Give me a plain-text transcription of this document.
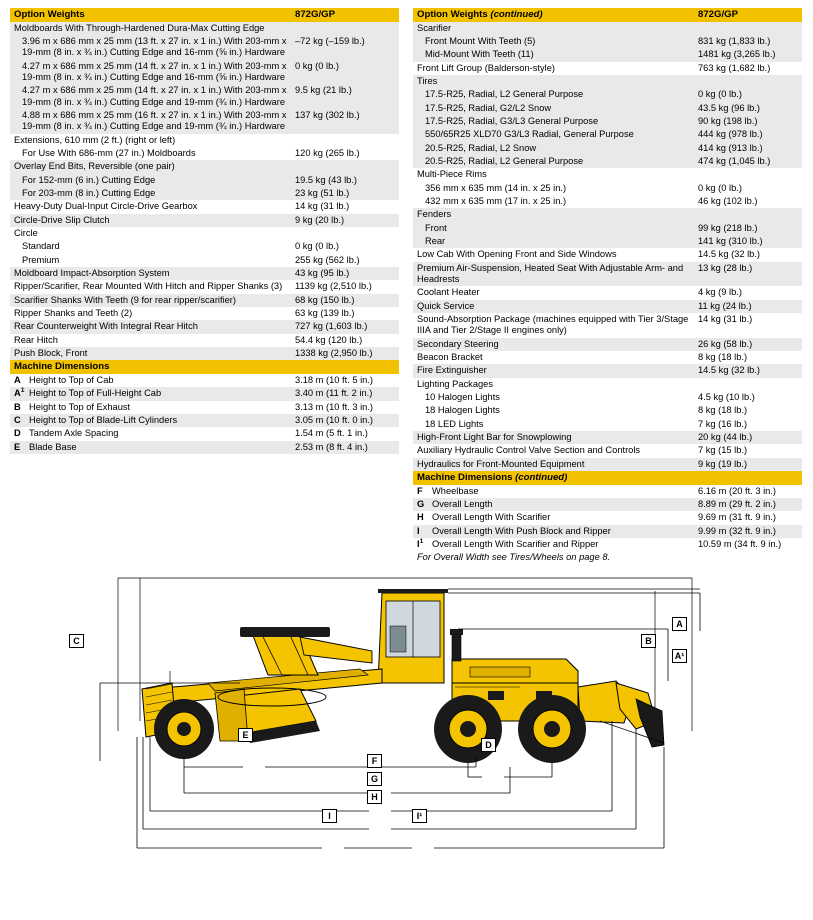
Option Weights	872G/GP
Moldboards With Through-Hardened Dura-Max Cutting Edge	
3.96 m x 686 mm x 25 mm (13 ft. x 27 in. x 1 in.) With 203-mm x 19-mm (8 in. x ¾ in.) Cutting Edge and 16-mm (⅝ in.) Hardware	–72 kg (–159 lb.)
4.27 m x 686 mm x 25 mm (14 ft. x 27 in. x 1 in.) With 203-mm x 19-mm (8 in. x ¾ in.) Cutting Edge and 16-mm (⅝ in.) Hardware	0 kg (0 lb.)
4.27 m x 686 mm x 25 mm (14 ft. x 27 in. x 1 in.) With 203-mm x 19-mm (8 in. x ¾ in.) Cutting Edge and 19-mm (¾ in.) Hardware	9.5 kg (21 lb.)
4.88 m x 686 mm x 25 mm (16 ft. x 27 in. x 1 in.) With 203-mm x 19-mm (8 in. x ¾ in.) Cutting Edge and 19-mm (¾ in.) Hardware	137 kg (302 lb.)
Extensions, 610 mm (2 ft.) (right or left)	
For Use With 686-mm (27 in.) Moldboards	120 kg (265 lb.)
Overlay End Bits, Reversible (one pair)	
For 152-mm (6 in.) Cutting Edge	19.5 kg (43 lb.)
For 203-mm (8 in.) Cutting Edge	23 kg (51 lb.)
Heavy-Duty Dual-Input Circle-Drive Gearbox	14 kg (31 lb.)
Circle-Drive Slip Clutch	9 kg (20 lb.)
Circle	
Standard	0 kg (0 lb.)
Premium	255 kg (562 lb.)
Moldboard Impact-Absorption System	43 kg (95 lb.)
Ripper/Scarifier, Rear Mounted With Hitch and Ripper Shanks (3)	1139 kg (2,510 lb.)
Scarifier Shanks With Teeth (9 for rear ripper/scarifier)	68 kg (150 lb.)
Ripper Shanks and Teeth (2)	63 kg (139 lb.)
Rear Counterweight With Integral Rear Hitch	727 kg (1,603 lb.)
Rear Hitch	54.4 kg (120 lb.)
Push Block, Front	1338 kg (2,950 lb.)
Machine Dimensions		
A	Height to Top of Cab	3.18 m (10 ft. 5 in.)
$A^1$	Height to Top of Full-Height Cab	3.40 m (11 ft. 2 in.)
B	Height to Top of Exhaust	3.13 m (10 ft. 3 in.)
C	Height to Top of Blade-Lift Cylinders	3.05 m (10 ft. 0 in.)
D	Tandem Axle Spacing	1.54 m (5 ft. 1 in.)
E	Blade Base	2.53 m (8 ft. 4 in.)
Option Weights (continued)	872G/GP
Scarifier	
Front Mount With Teeth (5)	831 kg (1,833 lb.)
Mid-Mount With Teeth (11)	1481 kg (3,265 lb.)
Front Lift Group (Balderson-style)	763 kg (1,682 lb.)
Tires	
17.5-R25, Radial, L2 General Purpose	0 kg (0 lb.)
17.5-R25, Radial, G2/L2 Snow	43.5 kg (96 lb.)
17.5-R25, Radial, G3/L3 General Purpose	90 kg (198 lb.)
550/65R25 XLD70 G3/L3 Radial, General Purpose	444 kg (978 lb.)
20.5-R25, Radial, L2 Snow	414 kg (913 lb.)
20.5-R25, Radial, L2 General Purpose	474 kg (1,045 lb.)
Multi-Piece Rims	
356 mm x 635 mm (14 in. x 25 in.)	0 kg (0 lb.)
432 mm x 635 mm (17 in. x 25 in.)	46 kg (102 lb.)
Fenders	
Front	99 kg (218 lb.)
Rear	141 kg (310 lb.)
Low Cab With Opening Front and Side Windows	14.5 kg (32 lb.)
Premium Air-Suspension, Heated Seat With Adjustable Arm- and Headrests	13 kg (28 lb.)
Coolant Heater	4 kg (9 lb.)
Quick Service	11 kg (24 lb.)
Sound-Absorption Package (machines equipped with Tier 3/Stage IIIA and Tier 2/Stage II engines only)	14 kg (31 lb.)
Secondary Steering	26 kg (58 lb.)
Beacon Bracket	8 kg (18 lb.)
Fire Extinguisher	14.5 kg (32 lb.)
Lighting Packages	
10 Halogen Lights	4.5 kg (10 lb.)
18 Halogen Lights	8 kg (18 lb.)
18 LED Lights	7 kg (16 lb.)
High-Front Light Bar for Snowplowing	20 kg (44 lb.)
Auxiliary Hydraulic Control Valve Section and Controls	7 kg (15 lb.)
Hydraulics for Front-Mounted Equipment	9 kg (19 lb.)
Machine Dimensions (continued)		
F	Wheelbase	6.16 m (20 ft. 3 in.)
G	Overall Length	8.89 m (29 ft. 2 in.)
H	Overall Length With Scarifier	9.69 m (31 ft. 9 in.)
I	Overall Length With Push Block and Ripper	9.99 m (32 ft. 9 in.)
$I^1$	Overall Length With Scarifier and Ripper	10.59 m (34 ft. 9 in.)
For Overall Width see Tires/Wheels on page 8.		
A
A¹
B
C
D
E
F
G
H
I	I¹
